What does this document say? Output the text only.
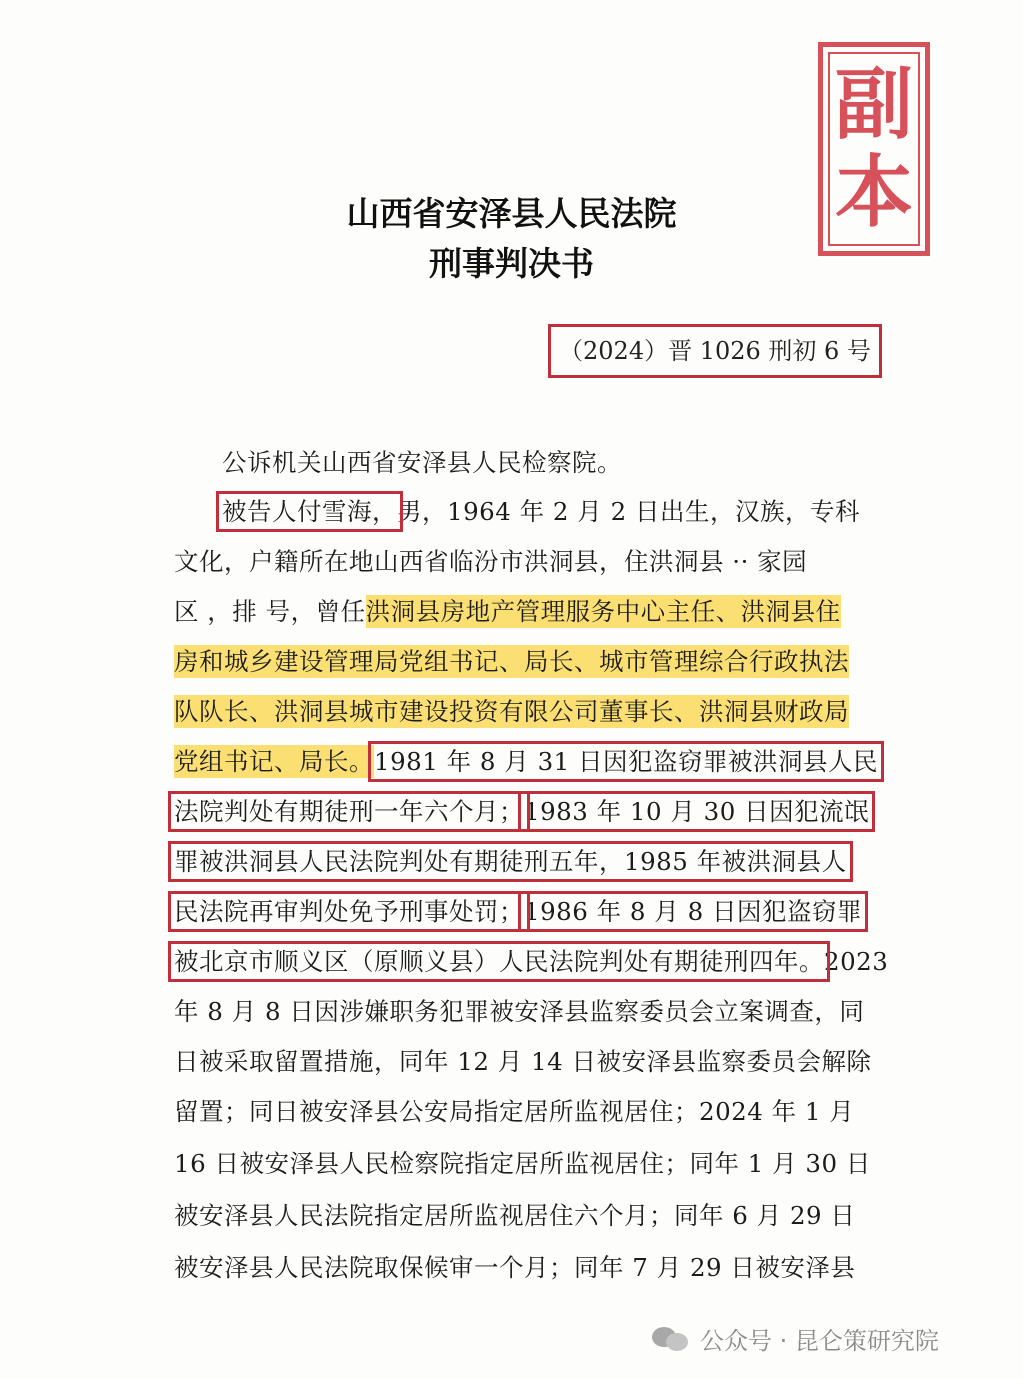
副
本
山西省安泽县人民法院
刑事判决书
（2024）晋 1026 刑初 6 号
公诉机关山西省安泽县人民检察院。
被告人付雪海，男，1964 年 2 月 2 日出生，汉族，专科
文化，户籍所在地山西省临汾市洪洞县，住洪洞县 ·· 家园
区 ，排 号，曾任洪洞县房地产管理服务中心主任、洪洞县住
房和城乡建设管理局党组书记、局长、城市管理综合行政执法
队队长、洪洞县城市建设投资有限公司董事长、洪洞县财政局
党组书记、局长。1981 年 8 月 31 日因犯盗窃罪被洪洞县人民
法院判处有期徒刑一年六个月；1983 年 10 月 30 日因犯流氓
罪被洪洞县人民法院判处有期徒刑五年，1985 年被洪洞县人
民法院再审判处免予刑事处罚；1986 年 8 月 8 日因犯盗窃罪
被北京市顺义区（原顺义县）人民法院判处有期徒刑四年。2023
年 8 月 8 日因涉嫌职务犯罪被安泽县监察委员会立案调查，同
日被采取留置措施，同年 12 月 14 日被安泽县监察委员会解除
留置；同日被安泽县公安局指定居所监视居住；2024 年 1 月
16 日被安泽县人民检察院指定居所监视居住；同年 1 月 30 日
被安泽县人民法院指定居所监视居住六个月；同年 6 月 29 日
被安泽县人民法院取保候审一个月；同年 7 月 29 日被安泽县
公众号 · 昆仑策研究院
